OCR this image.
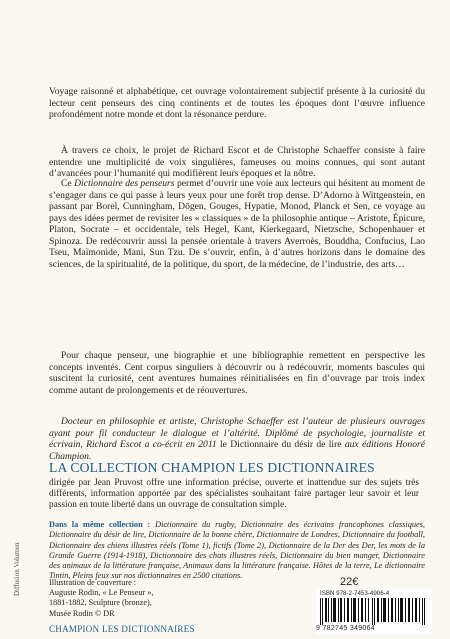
Voyage raisonné et alphabétique, cet ouvrage volontairement subjectif présente à la curiosité du lecteur cent penseurs des cinq continents et de toutes les époques dont l’œuvre influence profondément notre monde et dont la résonance perdure.

À travers ce choix, le projet de Richard Escot et de Christophe Schaeffer consiste à faire entendre une multiplicité de voix singulières, fameuses ou moins connues, qui sont autant d’avancées pour l’humanité qui modifièrent leurs époques et la nôtre.

Ce Dictionnaire des penseurs permet d’ouvrir une voie aux lecteurs qui hésitent au moment de s’engager dans ce qui passe à leurs yeux pour une forêt trop dense. D’Adorno à Wittgenstein, en passant par Borel, Cunningham, Dōgen, Gouges, Hypatie, Monod, Planck et Sen, ce voyage au pays des idées permet de revisiter les « classiques » de la philosophie antique – Aristote, Épicure, Platon, Socrate – et occidentale, tels Hegel, Kant, Kierkegaard, Nietzsche, Schopenhauer et Spinoza. De redécouvrir aussi la pensée orientale à travers Averroès, Bouddha, Confucius, Lao Tseu, Maïmonide, Mani, Sun Tzu. De s’ouvrir, enfin, à d’autres horizons dans le domaine des sciences, de la spiritualité, de la politique, du sport, de la médecine, de l’industrie, des arts…

Pour chaque penseur, une biographie et une bibliographie remettent en perspective les concepts inventés. Cent corpus singuliers à découvrir ou à redécouvrir, moments bascules qui suscitent la curiosité, cent aventures humaines réinitialisées en fin d’ouvrage par trois index comme autant de prolongements et de réouvertures.

Docteur en philosophie et artiste, Christophe Schaeffer est l’auteur de plusieurs ouvrages ayant pour fil conducteur le dialogue et l’altérité. Diplômé de psychologie, journaliste et écrivain, Richard Escot a co-écrit en 2011 le Dictionnaire du désir de lire aux éditions Honoré Champion.

LA COLLECTION CHAMPION LES DICTIONNAIRES

dirigée par Jean Pruvost offre une information précise, ouverte et inattendue sur des sujets très différents, information apportée par des spécialistes souhaitant faire partager leur savoir et leur passion en toute liberté dans un ouvrage de consultation simple.

Dans la même collection : Dictionnaire du rugby, Dictionnaire des écrivains francophones classiques, Dictionnaire du désir de lire, Dictionnaire de la bonne chère, Dictionnaire de Londres, Dictionnaire du football, Dictionnaire des chiens illustres réels (Tome 1), fictifs (Tome 2), Dictionnaire de la Der des Der, les mots de la Grande Guerre (1914-1918), Dictionnaire des chats illustres réels, Dictionnaire du bien manger, Dictionnaire des animaux de la littérature française, Animaux dans la littérature française. Hôtes de la terre, Le dictionnaire Tintin, Pleins feux sur nos dictionnaires en 2500 citations.

Diffusion Volumen	Illustration de couverture :
Auguste Rodin, « Le Penseur »,
1881-1882, Sculpture (bronze),
Musée Rodin © DR

CHAMPION LES DICTIONNAIRES
22€
ISBN 978-2-7453-4906-4
9 782745 349064
